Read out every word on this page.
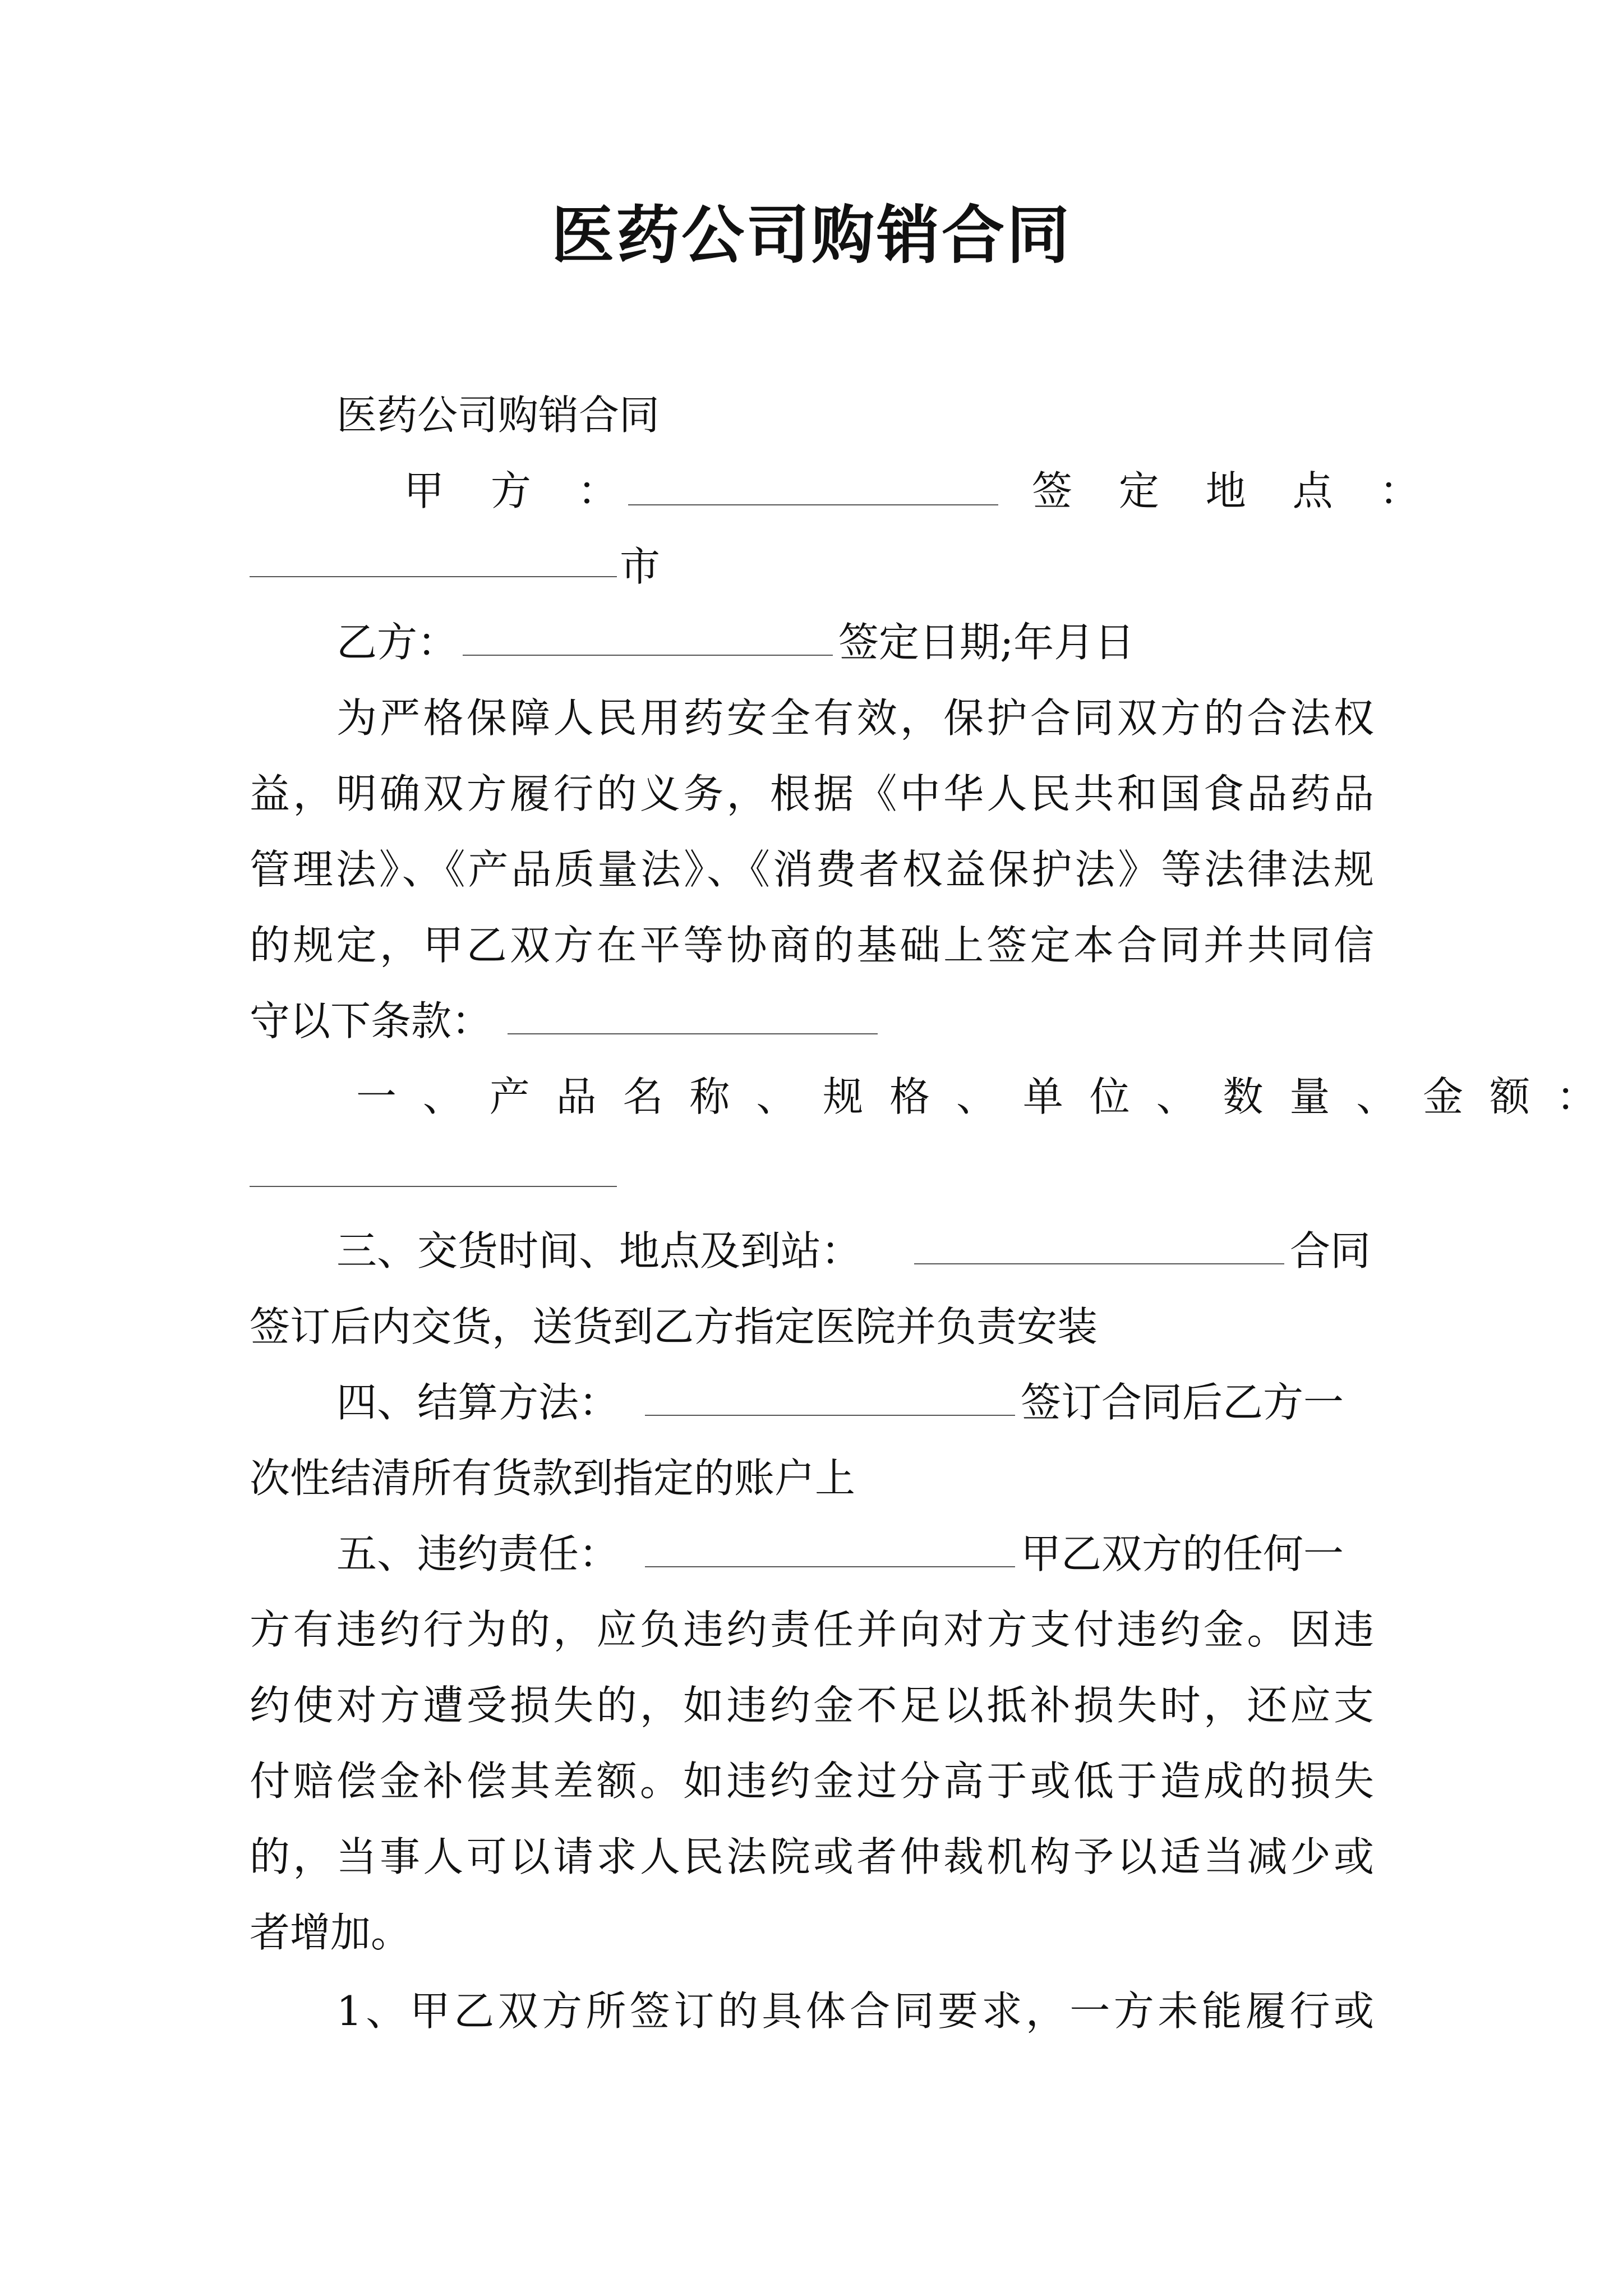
医药公司购销合同
医药公司购销合同
甲 方 ：	签 定 地 点 ：
市
乙方：	签定日期;年月日
为严格保障人民用药安全有效，保护合同双方的合法权
益，明确双方履行的义务，根据《中华人民共和国食品药品
管理法》、《产品质量法》、《消费者权益保护法》等法律法规
的规定，甲乙双方在平等协商的基础上签定本合同并共同信
守以下条款：
一 、 产 品 名 称 、 规 格 、 单 位 、 数 量 、 金 额 ：
三、交货时间、地点及到站：	合同
签订后内交货，送货到乙方指定医院并负责安装
四、结算方法：	签订合同后乙方一
次性结清所有货款到指定的账户上
五、违约责任：	甲乙双方的任何一
方有违约行为的，应负违约责任并向对方支付违约金。因违
约使对方遭受损失的，如违约金不足以抵补损失时，还应支
付赔偿金补偿其差额。如违约金过分高于或低于造成的损失
的，当事人可以请求人民法院或者仲裁机构予以适当减少或
者增加。
1、甲乙双方所签订的具体合同要求，一方未能履行或
